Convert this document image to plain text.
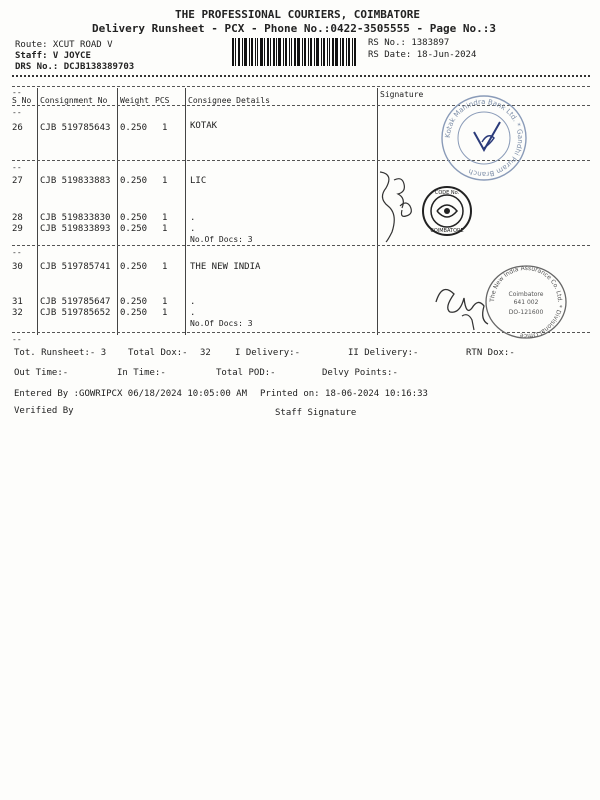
THE PROFESSIONAL COURIERS, COIMBATORE
Delivery Runsheet - PCX - Phone No.:0422-3505555 - Page No.:3
Route: XCUT ROAD V
Staff: V JOYCE
DRS No.: DCJB138389703
RS No.: 1383897
RS Date: 18-Jun-2024
--
S No Consignment No Weight PCS Consignee Details
Signature
--
26 CJB 519785643 0.250 1	KOTAK
--
27 CJB 519833883 0.250 1	LIC
28 CJB 519833830 0.250 1	.
29 CJB 519833893 0.250 1	.
No.Of Docs: 3
--
30 CJB 519785741 0.250 1	THE NEW INDIA
31 CJB 519785647 0.250 1	.
32 CJB 519785652 0.250 1	.
No.Of Docs: 3
--
Kotak Mahindra Bank Ltd. * Gandhi Puram Branch
CODE No.
COIMBATORE
The New India Assurance Co. Ltd. * Divisional Office
Coimbatore
641 002
DO-121600
Tot. Runsheet:- 3 Total Dox:- 32	I Delivery:-	II Delivery:-	RTN Dox:-
Out Time:-	In Time:-	Total POD:-	Delvy Points:-
Entered By :GOWRIPCX 06/18/2024 10:05:00 AM Printed on: 18-06-2024 10:16:33
Verified By	Staff Signature
